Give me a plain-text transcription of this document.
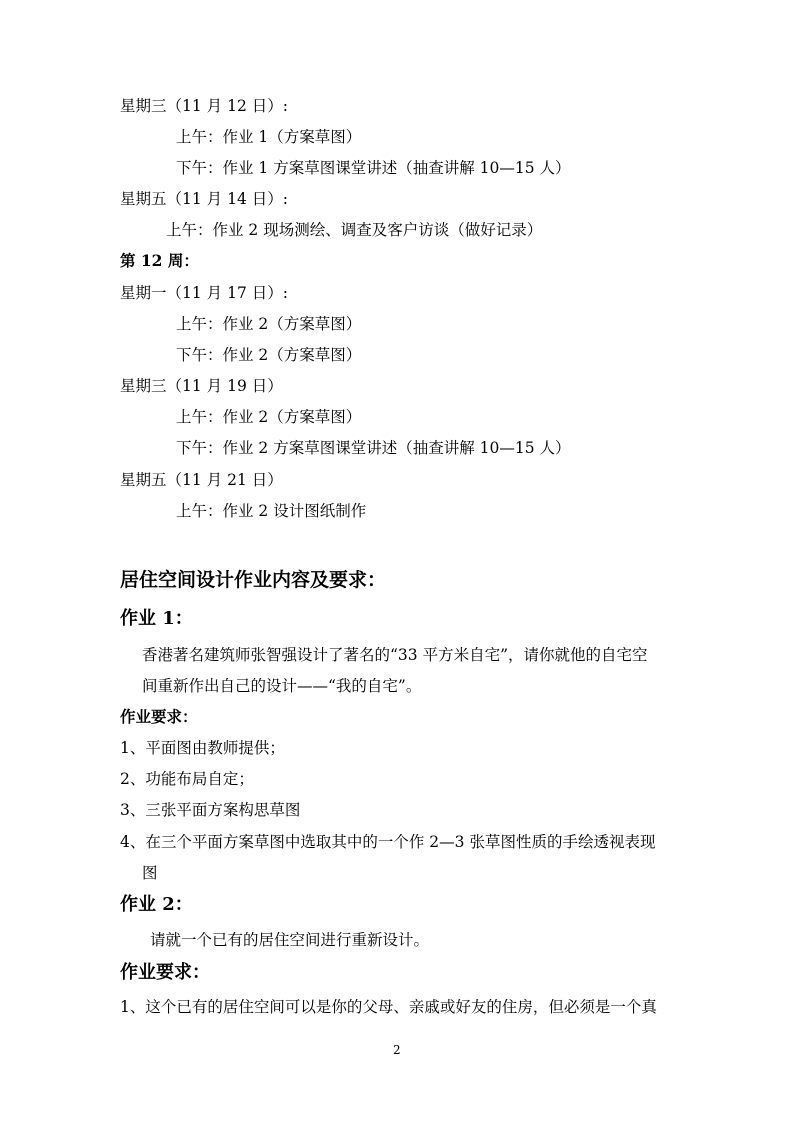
星期三（11 月 12 日）:
上午：作业 1（方案草图）
下午：作业 1 方案草图课堂讲述（抽查讲解 10—15 人）
星期五（11 月 14 日）:
上午：作业 2 现场测绘、调查及客户访谈（做好记录）
第 12 周：
星期一（11 月 17 日）:
上午：作业 2（方案草图）
下午：作业 2（方案草图）
星期三（11 月 19 日）
上午：作业 2（方案草图）
下午：作业 2 方案草图课堂讲述（抽查讲解 10—15 人）
星期五（11 月 21 日）
上午：作业 2 设计图纸制作
居住空间设计作业内容及要求：
作业 1：
香港著名建筑师张智强设计了著名的“33 平方米自宅”，请你就他的自宅空
间重新作出自己的设计——“我的自宅”。
作业要求：
1、平面图由教师提供；
2、功能布局自定；
3、三张平面方案构思草图
4、在三个平面方案草图中选取其中的一个作 2—3 张草图性质的手绘透视表现
图
作业 2：
请就一个已有的居住空间进行重新设计。
作业要求：
1、这个已有的居住空间可以是你的父母、亲戚或好友的住房，但必须是一个真
2
